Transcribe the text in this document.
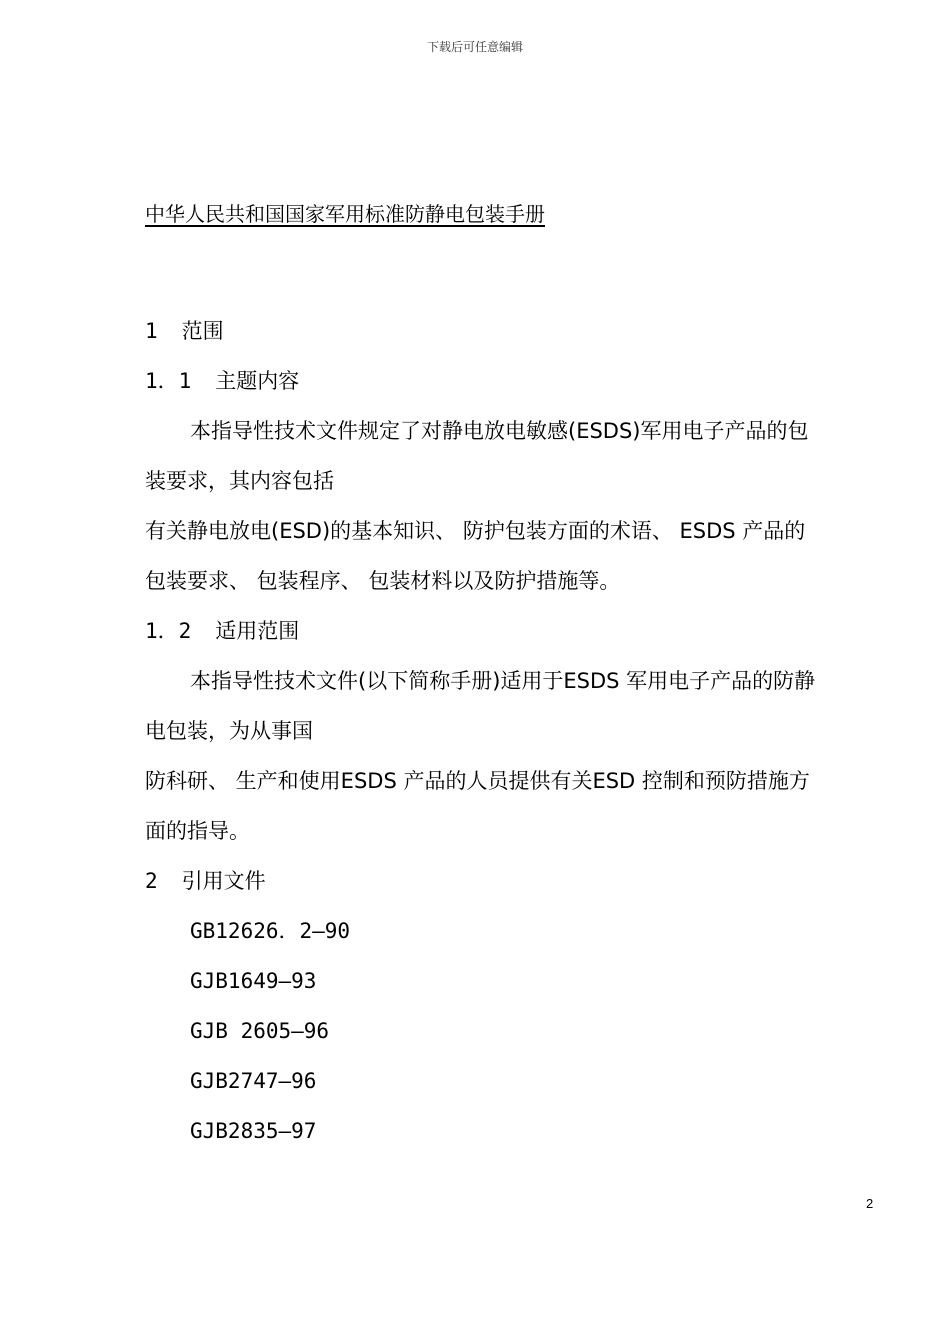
下载后可任意编辑
中华人民共和国国家军用标准防静电包装手册
1 范围
1．1 主题内容
本指导性技术文件规定了对静电放电敏感(ESDS)军用电子产品的包
装要求，其内容包括
有关静电放电(ESD)的基本知识、 防护包装方面的术语、 ESDS 产品的
包装要求、 包装程序、 包装材料以及防护措施等。
1．2 适用范围
本指导性技术文件(以下简称手册)适用于ESDS 军用电子产品的防静
电包装，为从事国
防科研、 生产和使用ESDS 产品的人员提供有关ESD 控制和预防措施方
面的指导。
2 引用文件
GB12626．2—90
GJB1649—93
GJB 2605—96
GJB2747—96
GJB2835—97
2
